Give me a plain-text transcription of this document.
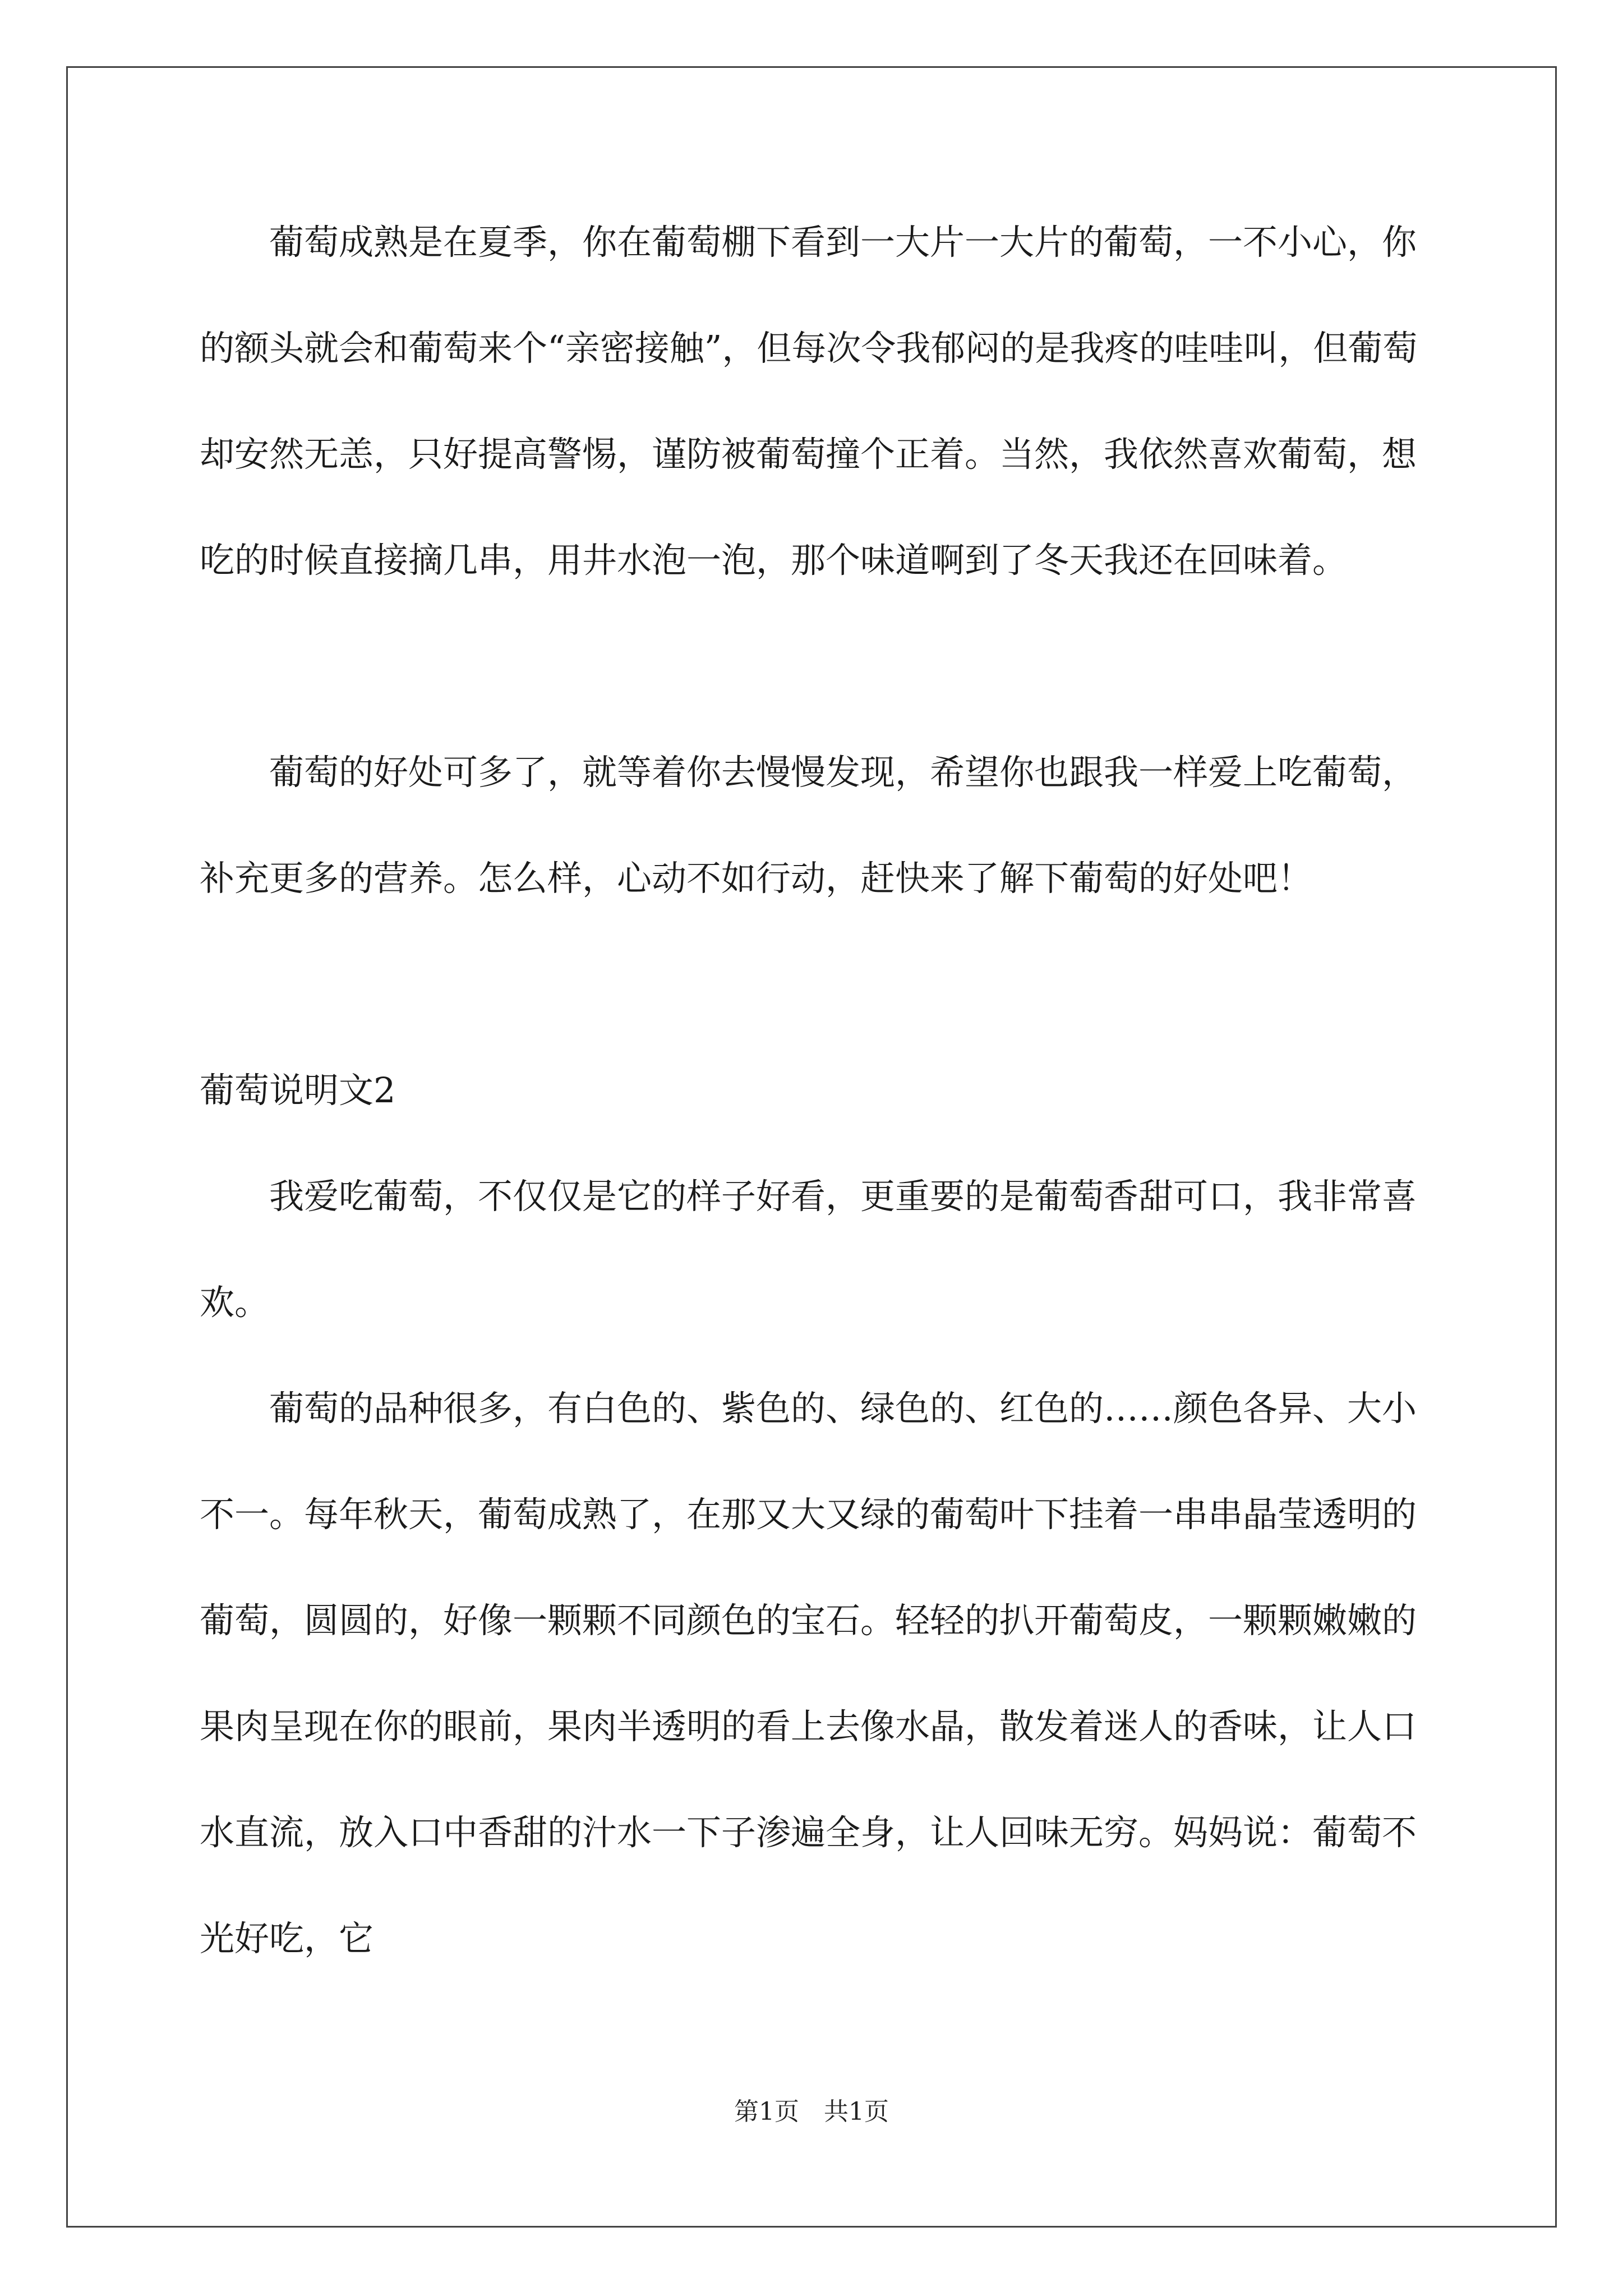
葡萄成熟是在夏季，你在葡萄棚下看到一大片一大片的葡萄，一不小心，你的额头就会和葡萄来个“亲密接触”，但每次令我郁闷的是我疼的哇哇叫，但葡萄却安然无恙，只好提高警惕，谨防被葡萄撞个正着。当然，我依然喜欢葡萄，想吃的时候直接摘几串，用井水泡一泡，那个味道啊到了冬天我还在回味着。

葡萄的好处可多了，就等着你去慢慢发现，希望你也跟我一样爱上吃葡萄，补充更多的营养。怎么样，心动不如行动，赶快来了解下葡萄的好处吧！

葡萄说明文2

我爱吃葡萄，不仅仅是它的样子好看，更重要的是葡萄香甜可口，我非常喜欢。

葡萄的品种很多，有白色的、紫色的、绿色的、红色的……颜色各异、大小不一。每年秋天，葡萄成熟了，在那又大又绿的葡萄叶下挂着一串串晶莹透明的葡萄，圆圆的，好像一颗颗不同颜色的宝石。轻轻的扒开葡萄皮，一颗颗嫩嫩的果肉呈现在你的眼前，果肉半透明的看上去像水晶，散发着迷人的香味，让人口水直流，放入口中香甜的汁水一下子渗遍全身，让人回味无穷。妈妈说：葡萄不光好吃，它

第1页　共1页
